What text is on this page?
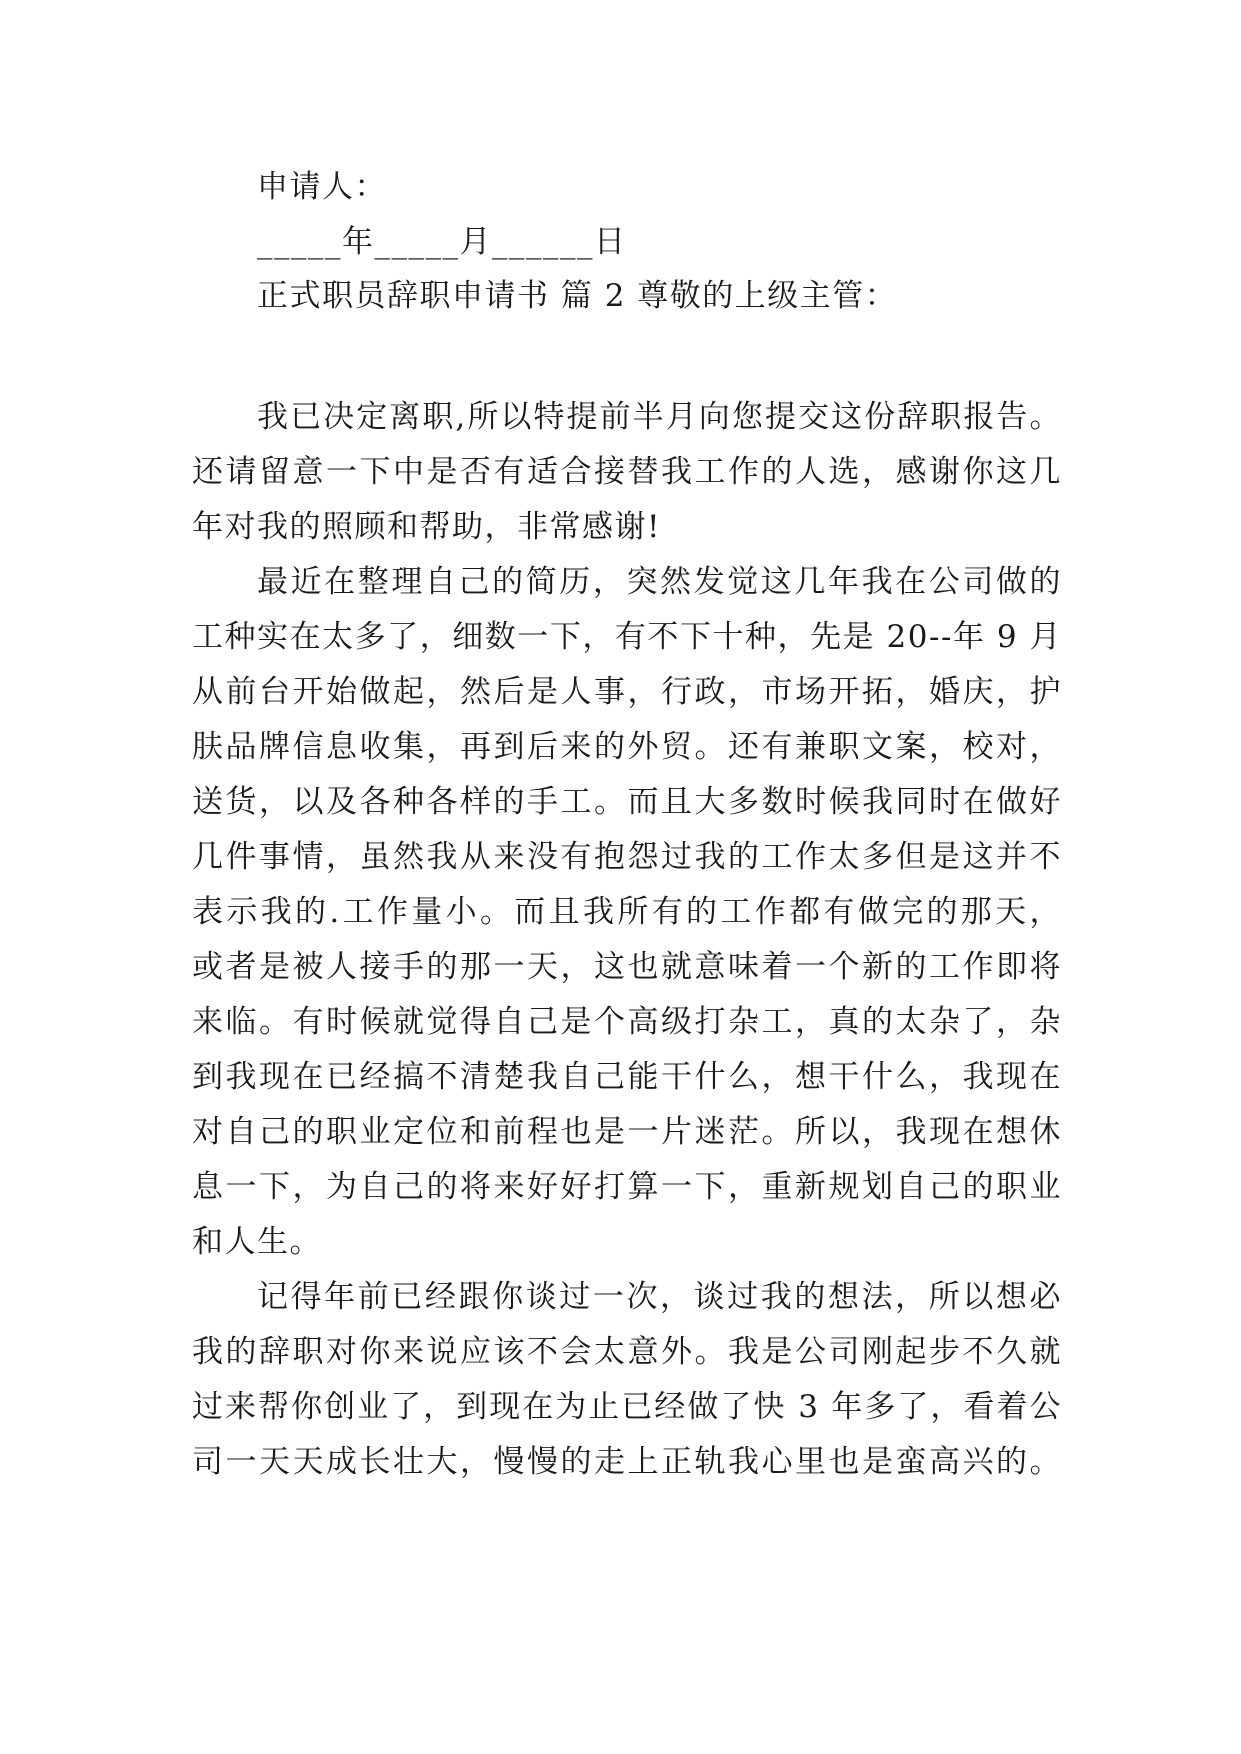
申请人：
_____年_____月______日
正式职员辞职申请书 篇 2 尊敬的上级主管：
我已决定离职,所以特提前半月向您提交这份辞职报告。
还请留意一下中是否有适合接替我工作的人选，感谢你这几
年对我的照顾和帮助，非常感谢!
最近在整理自己的简历，突然发觉这几年我在公司做的
工种实在太多了，细数一下，有不下十种，先是 20--年 9 月
从前台开始做起，然后是人事，行政，市场开拓，婚庆，护
肤品牌信息收集，再到后来的外贸。还有兼职文案，校对，
送货，以及各种各样的手工。而且大多数时候我同时在做好
几件事情，虽然我从来没有抱怨过我的工作太多但是这并不
表示我的.工作量小。而且我所有的工作都有做完的那天，
或者是被人接手的那一天，这也就意味着一个新的工作即将
来临。有时候就觉得自己是个高级打杂工，真的太杂了，杂
到我现在已经搞不清楚我自己能干什么，想干什么，我现在
对自己的职业定位和前程也是一片迷茫。所以，我现在想休
息一下，为自己的将来好好打算一下，重新规划自己的职业
和人生。
记得年前已经跟你谈过一次，谈过我的想法，所以想必
我的辞职对你来说应该不会太意外。我是公司刚起步不久就
过来帮你创业了，到现在为止已经做了快 3 年多了，看着公
司一天天成长壮大，慢慢的走上正轨我心里也是蛮高兴的。
